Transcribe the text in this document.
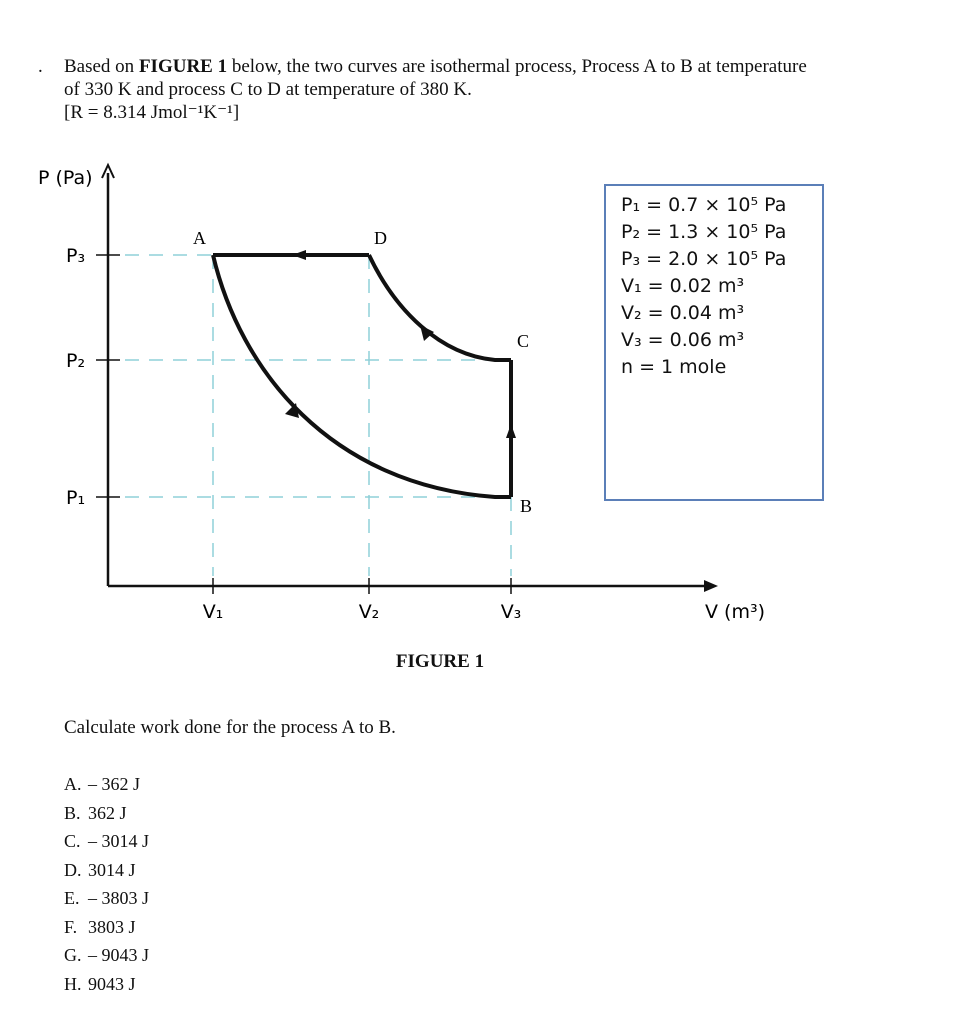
. Based on FIGURE 1 below, the two curves are isothermal process, Process A to B at temperature
of 330 K and process C to D at temperature of 380 K.
[R = 8.314 Jmol⁻¹K⁻¹]
P (Pa)
V (m³)
P₃
P₂
P₁
V₁	V₂	V₃
A
B
C
D
P₁ = 0.7 × 10⁵ Pa
P₂ = 1.3 × 10⁵ Pa
P₃ = 2.0 × 10⁵ Pa
V₁ = 0.02 m³
V₂ = 0.04 m³
V₃ = 0.06 m³
n = 1 mole
FIGURE 1
Calculate work done for the process A to B.
A. – 362 J
B. 362 J
C. – 3014 J
D. 3014 J
E. – 3803 J
F. 3803 J
G. – 9043 J
H. 9043 J
